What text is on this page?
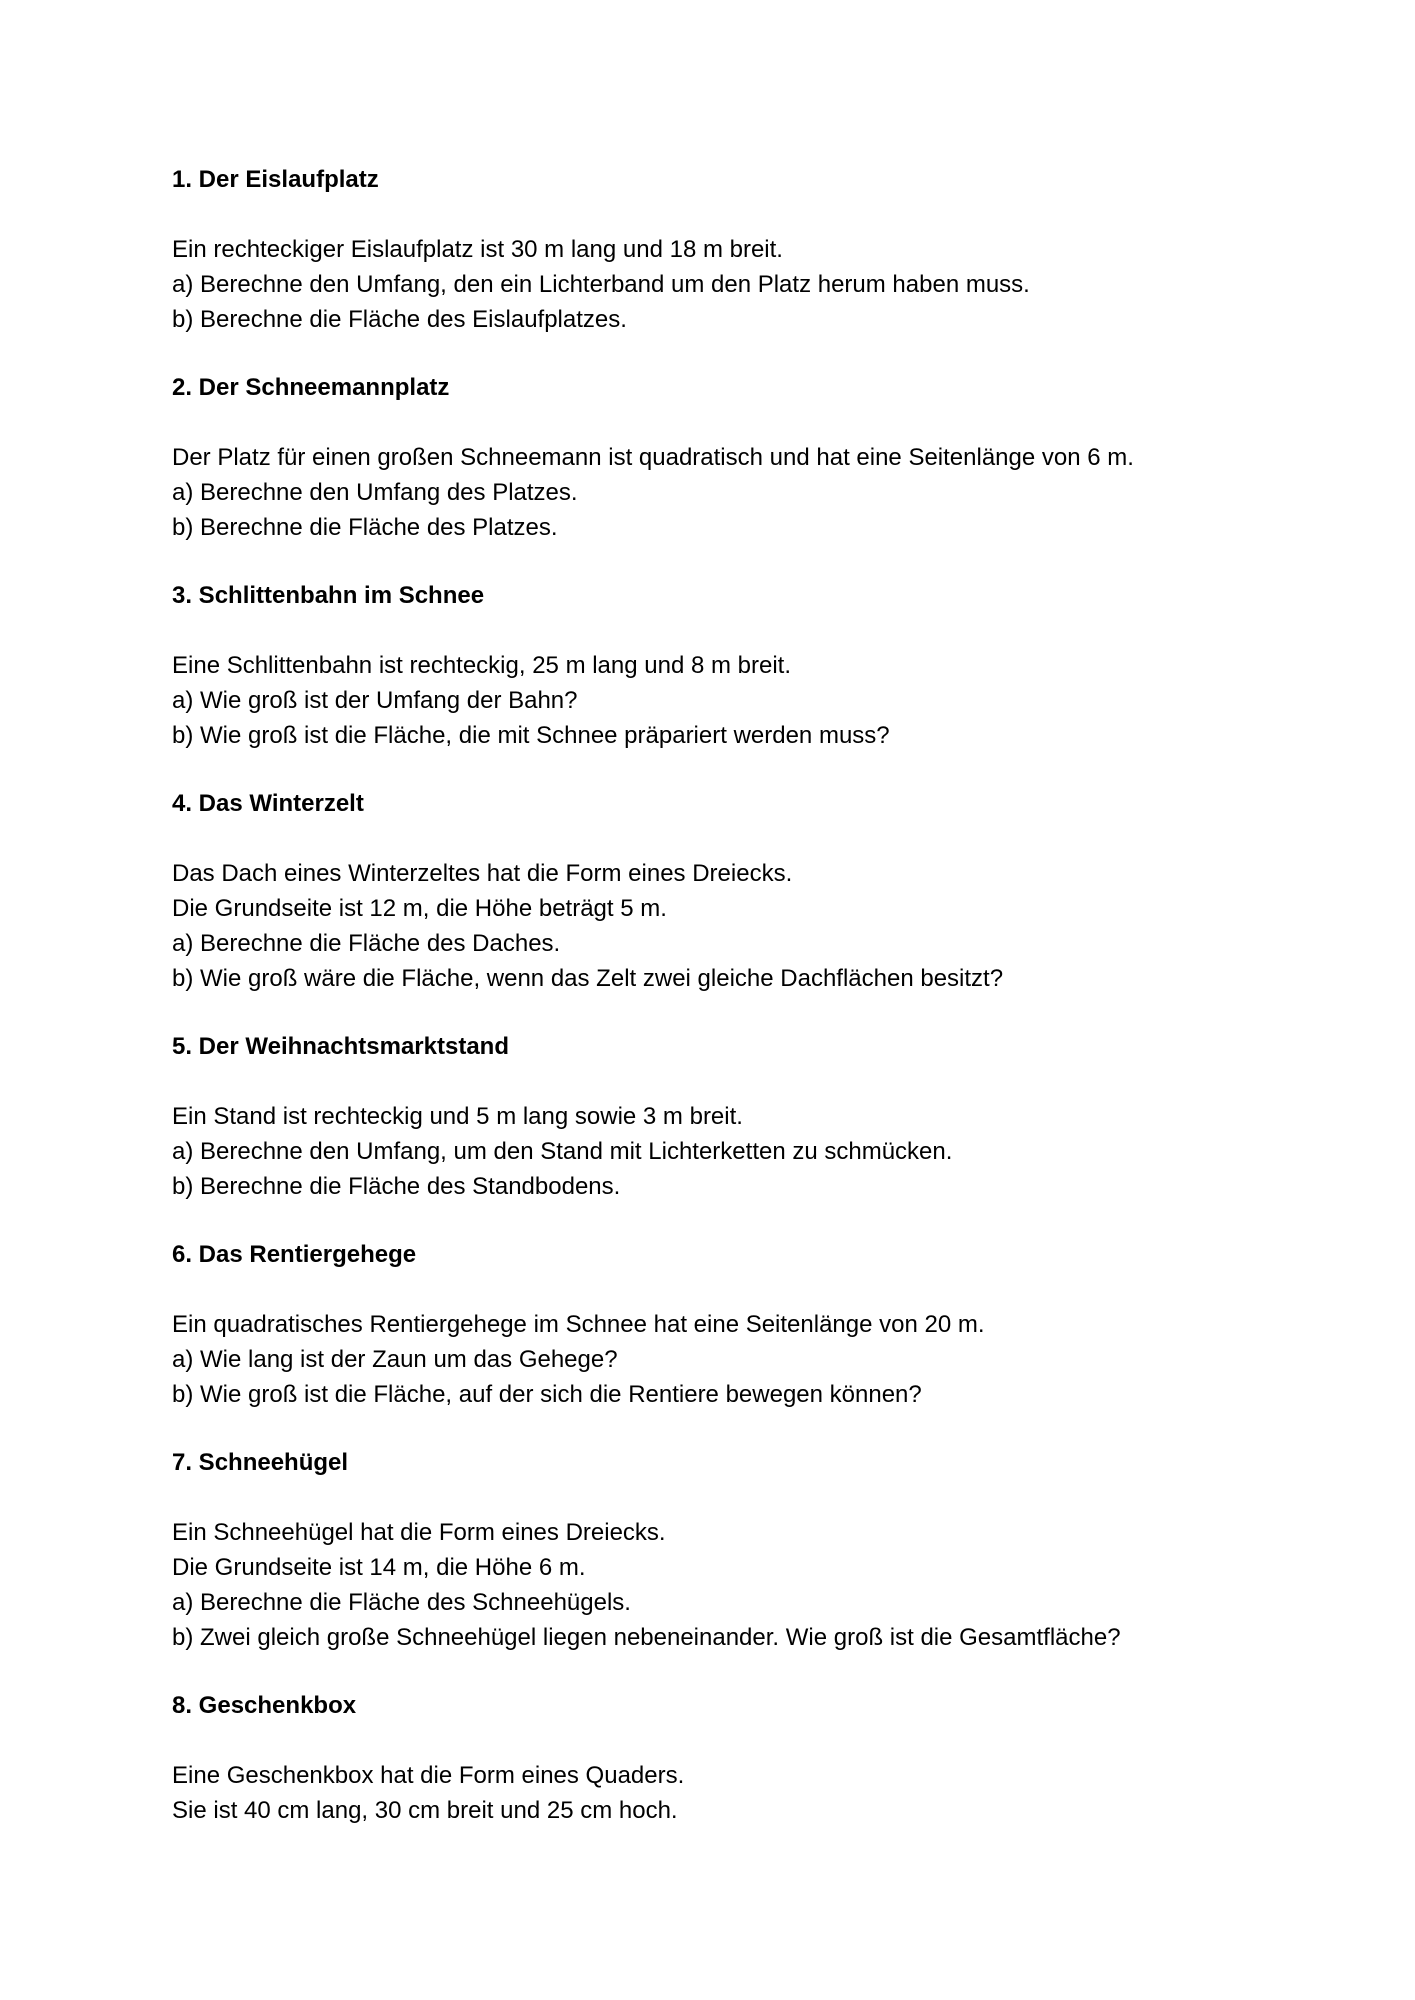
1. Der Eislaufplatz

Ein rechteckiger Eislaufplatz ist 30 m lang und 18 m breit.

a) Berechne den Umfang, den ein Lichterband um den Platz herum haben muss.

b) Berechne die Fläche des Eislaufplatzes.

2. Der Schneemannplatz

Der Platz für einen großen Schneemann ist quadratisch und hat eine Seitenlänge von 6 m.

a) Berechne den Umfang des Platzes.

b) Berechne die Fläche des Platzes.

3. Schlittenbahn im Schnee

Eine Schlittenbahn ist rechteckig, 25 m lang und 8 m breit.

a) Wie groß ist der Umfang der Bahn?

b) Wie groß ist die Fläche, die mit Schnee präpariert werden muss?

4. Das Winterzelt

Das Dach eines Winterzeltes hat die Form eines Dreiecks.

Die Grundseite ist 12 m, die Höhe beträgt 5 m.

a) Berechne die Fläche des Daches.

b) Wie groß wäre die Fläche, wenn das Zelt zwei gleiche Dachflächen besitzt?

5. Der Weihnachtsmarktstand

Ein Stand ist rechteckig und 5 m lang sowie 3 m breit.

a) Berechne den Umfang, um den Stand mit Lichterketten zu schmücken.

b) Berechne die Fläche des Standbodens.

6. Das Rentiergehege

Ein quadratisches Rentiergehege im Schnee hat eine Seitenlänge von 20 m.

a) Wie lang ist der Zaun um das Gehege?

b) Wie groß ist die Fläche, auf der sich die Rentiere bewegen können?

7. Schneehügel

Ein Schneehügel hat die Form eines Dreiecks.

Die Grundseite ist 14 m, die Höhe 6 m.

a) Berechne die Fläche des Schneehügels.

b) Zwei gleich große Schneehügel liegen nebeneinander. Wie groß ist die Gesamtfläche?

8. Geschenkbox

Eine Geschenkbox hat die Form eines Quaders.

Sie ist 40 cm lang, 30 cm breit und 25 cm hoch.
